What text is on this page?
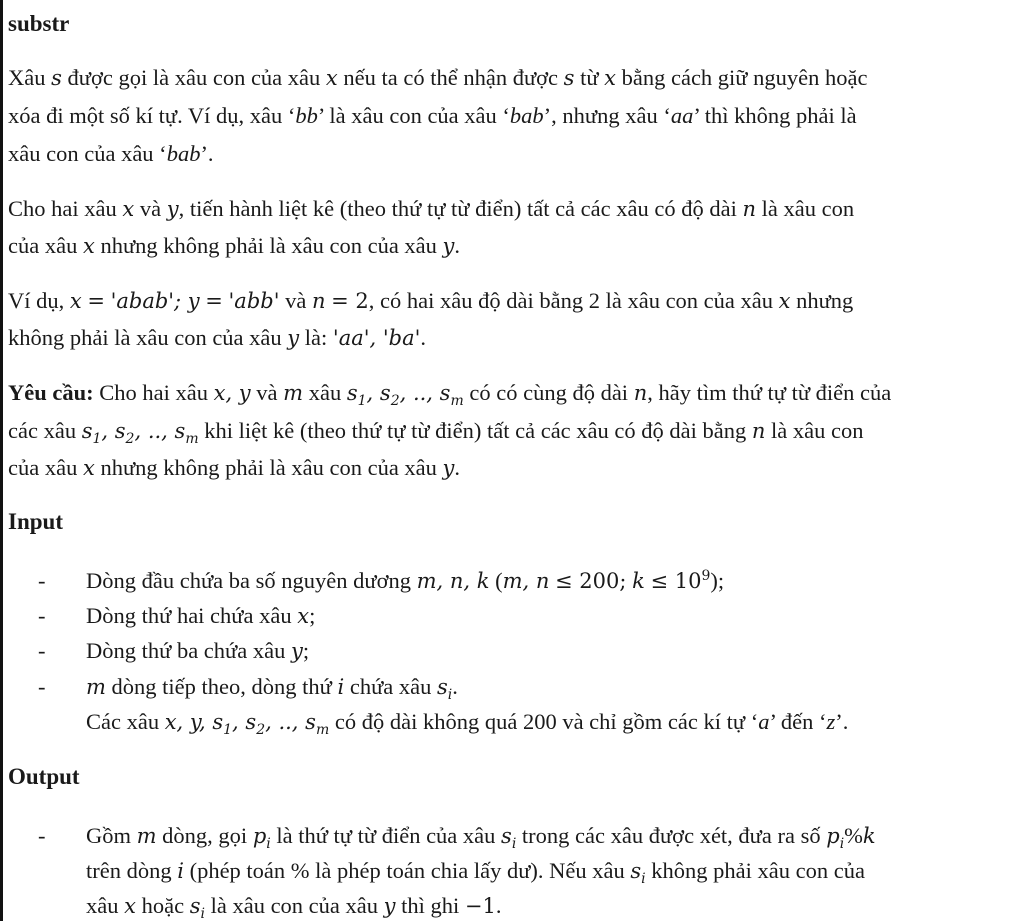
substr
Xâu s được gọi là xâu con của xâu x nếu ta có thể nhận được s từ x bằng cách giữ nguyên hoặc
xóa đi một số kí tự. Ví dụ, xâu ‘bb’ là xâu con của xâu ‘bab’, nhưng xâu ‘aa’ thì không phải là
xâu con của xâu ‘bab’.
Cho hai xâu x và y, tiến hành liệt kê (theo thứ tự từ điển) tất cả các xâu có độ dài n là xâu con
của xâu x nhưng không phải là xâu con của xâu y.
Ví dụ, x = 'abab'; y = 'abb' và n = 2, có hai xâu độ dài bằng 2 là xâu con của xâu x nhưng
không phải là xâu con của xâu y là: 'aa', 'ba'.
Yêu cầu: Cho hai xâu x, y và m xâu $s_1$, $s_2$, .., $s_m$ có có cùng độ dài n, hãy tìm thứ tự từ điển của
các xâu $s_1$, $s_2$, .., $s_m$ khi liệt kê (theo thứ tự từ điển) tất cả các xâu có độ dài bằng n là xâu con
của xâu x nhưng không phải là xâu con của xâu y.
Input
- Dòng đầu chứa ba số nguyên dương m, n, k (m, n ≤ 200; $k \le 10^9$);
- Dòng thứ hai chứa xâu x;
- Dòng thứ ba chứa xâu y;
- m dòng tiếp theo, dòng thứ i chứa xâu $s_i$.
Các xâu x, y, $s_1$, $s_2$, .., $s_m$ có độ dài không quá 200 và chỉ gồm các kí tự ‘a’ đến ‘z’.
Output
- Gồm m dòng, gọi $p_i$ là thứ tự từ điển của xâu $s_i$ trong các xâu được xét, đưa ra số $p_i\%k$
trên dòng i (phép toán % là phép toán chia lấy dư). Nếu xâu $s_i$ không phải xâu con của
xâu x hoặc $s_i$ là xâu con của xâu y thì ghi −1.
